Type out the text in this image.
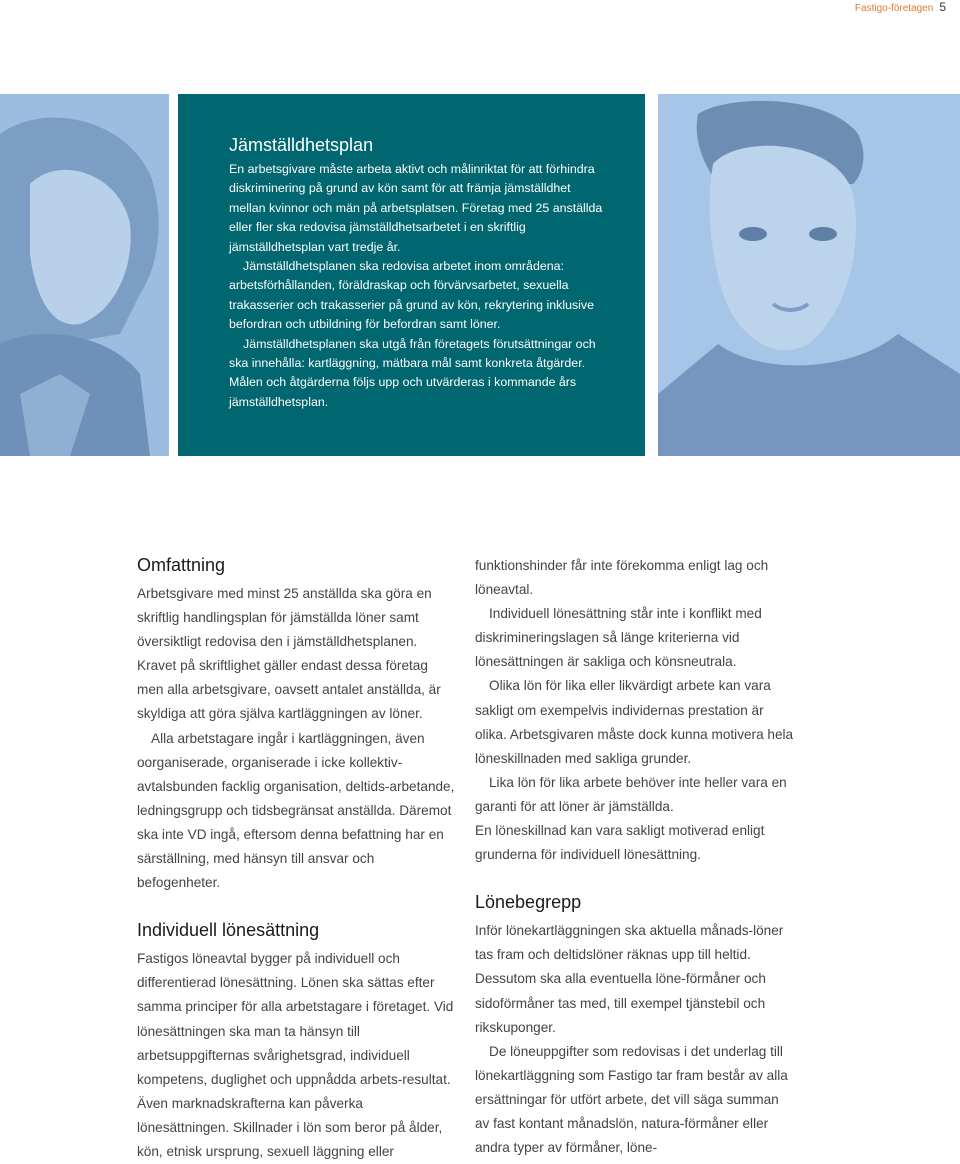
Fastigo-företagen 5
Jämställdhetsplan

En arbetsgivare måste arbeta aktivt och målinriktat för att förhindra diskriminering på grund av kön samt för att främja jämställdhet mellan kvinnor och män på arbetsplatsen. Företag med 25 anställda eller fler ska redovisa jämställdhetsarbetet i en skriftlig jämställdhetsplan vart tredje år.

Jämställdhetsplanen ska redovisa arbetet inom områdena: arbetsförhållanden, föräldraskap och förvärvsarbetet, sexuella trakasserier och trakasserier på grund av kön, rekrytering inklusive befordran och utbildning för befordran samt löner.

Jämställdhetsplanen ska utgå från företagets förutsättningar och ska innehålla: kartläggning, mätbara mål samt konkreta åtgärder. Målen och åtgärderna följs upp och utvärderas i kommande års jämställdhetsplan.

Omfattning

Arbetsgivare med minst 25 anställda ska göra en skriftlig handlingsplan för jämställda löner samt översiktligt redovisa den i jämställdhetsplanen. Kravet på skriftlighet gäller endast dessa företag men alla arbetsgivare, oavsett antalet anställda, är skyldiga att göra själva kartläggningen av löner.

Alla arbetstagare ingår i kartläggningen, även oorganiserade, organiserade i icke kollektiv-avtalsbunden facklig organisation, deltids-arbetande, ledningsgrupp och tidsbegränsat anställda. Däremot ska inte VD ingå, eftersom denna befattning har en särställning, med hänsyn till ansvar och befogenheter.

Individuell lönesättning

Fastigos löneavtal bygger på individuell och differentierad lönesättning. Lönen ska sättas efter samma principer för alla arbetstagare i företaget. Vid lönesättningen ska man ta hänsyn till arbetsuppgifternas svårighetsgrad, individuell kompetens, duglighet och uppnådda arbets-resultat. Även marknadskrafterna kan påverka lönesättningen. Skillnader i lön som beror på ålder, kön, etnisk ursprung, sexuell läggning eller

funktionshinder får inte förekomma enligt lag och löneavtal.

Individuell lönesättning står inte i konflikt med diskrimineringslagen så länge kriterierna vid lönesättningen är sakliga och könsneutrala.

Olika lön för lika eller likvärdigt arbete kan vara sakligt om exempelvis individernas prestation är olika. Arbetsgivaren måste dock kunna motivera hela löneskillnaden med sakliga grunder.

Lika lön för lika arbete behöver inte heller vara en garanti för att löner är jämställda.

En löneskillnad kan vara sakligt motiverad enligt grunderna för individuell lönesättning.

Lönebegrepp

Inför lönekartläggningen ska aktuella månads-löner tas fram och deltidslöner räknas upp till heltid. Dessutom ska alla eventuella löne-förmåner och sidoförmåner tas med, till exempel tjänstebil och rikskuponger.

De löneuppgifter som redovisas i det underlag till lönekartläggning som Fastigo tar fram består av alla ersättningar för utfört arbete, det vill säga summan av fast kontant månadslön, natura-förmåner eller andra typer av förmåner, löne-
